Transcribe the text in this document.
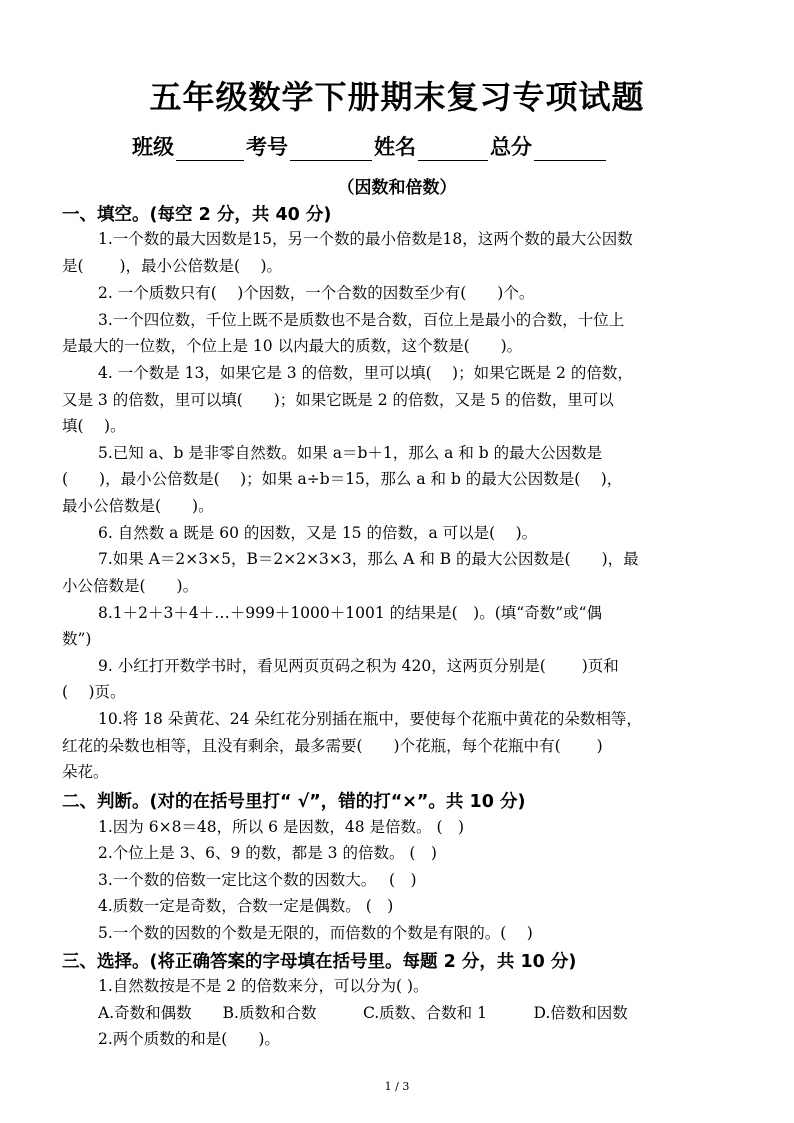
五年级数学下册期末复习专项试题
班级	考号	姓名	总分
（因数和倍数）
一、填空。(每空 2 分，共 40 分)
1.一个数的最大因数是15，另一个数的最小倍数是18，这两个数的最大公因数
是(　　 )，最小公倍数是(　 )。
2. 一个质数只有(　 )个因数，一个合数的因数至少有(　　)个。
3.一个四位数，千位上既不是质数也不是合数，百位上是最小的合数，十位上
是最大的一位数，个位上是 10 以内最大的质数，这个数是(　　)。
4. 一个数是 13，如果它是 3 的倍数，里可以填(　 )；如果它既是 2 的倍数，
又是 3 的倍数，里可以填(　　)；如果它既是 2 的倍数，又是 5 的倍数，里可以
填(　 )。
5.已知 a、b 是非零自然数。如果 a＝b＋1，那么 a 和 b 的最大公因数是
(　　)，最小公倍数是(　 )；如果 a÷b＝15，那么 a 和 b 的最大公因数是(　 )，
最小公倍数是(　　)。
6. 自然数 a 既是 60 的因数，又是 15 的倍数，a 可以是(　 )。
7.如果 A＝2×3×5，B＝2×2×3×3，那么 A 和 B 的最大公因数是(　　)，最
小公倍数是(　　)。
8.1＋2＋3＋4＋…＋999＋1000＋1001 的结果是(　)。(填“奇数”或“偶
数”)
9. 小红打开数学书时，看见两页页码之积为 420，这两页分别是(　　 )页和
(　 )页。
10.将 18 朵黄花、24 朵红花分别插在瓶中，要使每个花瓶中黄花的朵数相等，
红花的朵数也相等，且没有剩余，最多需要(　　)个花瓶，每个花瓶中有(　　 )
朵花。
二、判断。(对的在括号里打“ √”，错的打“×”。共 10 分)
1.因为 6×8＝48，所以 6 是因数，48 是倍数。 (　)
2.个位上是 3、6、9 的数，都是 3 的倍数。 (　)
3.一个数的倍数一定比这个数的因数大。　 (　)
4.质数一定是奇数，合数一定是偶数。 (　)
5.一个数的因数的个数是无限的，而倍数的个数是有限的。(　 )
三、选择。(将正确答案的字母填在括号里。每题 2 分，共 10 分)
1.自然数按是不是 2 的倍数来分，可以分为( )。
A.奇数和偶数　　B.质数和合数　　　C.质数、合数和 1　　　D.倍数和因数
2.两个质数的和是(　　)。
1 / 3
